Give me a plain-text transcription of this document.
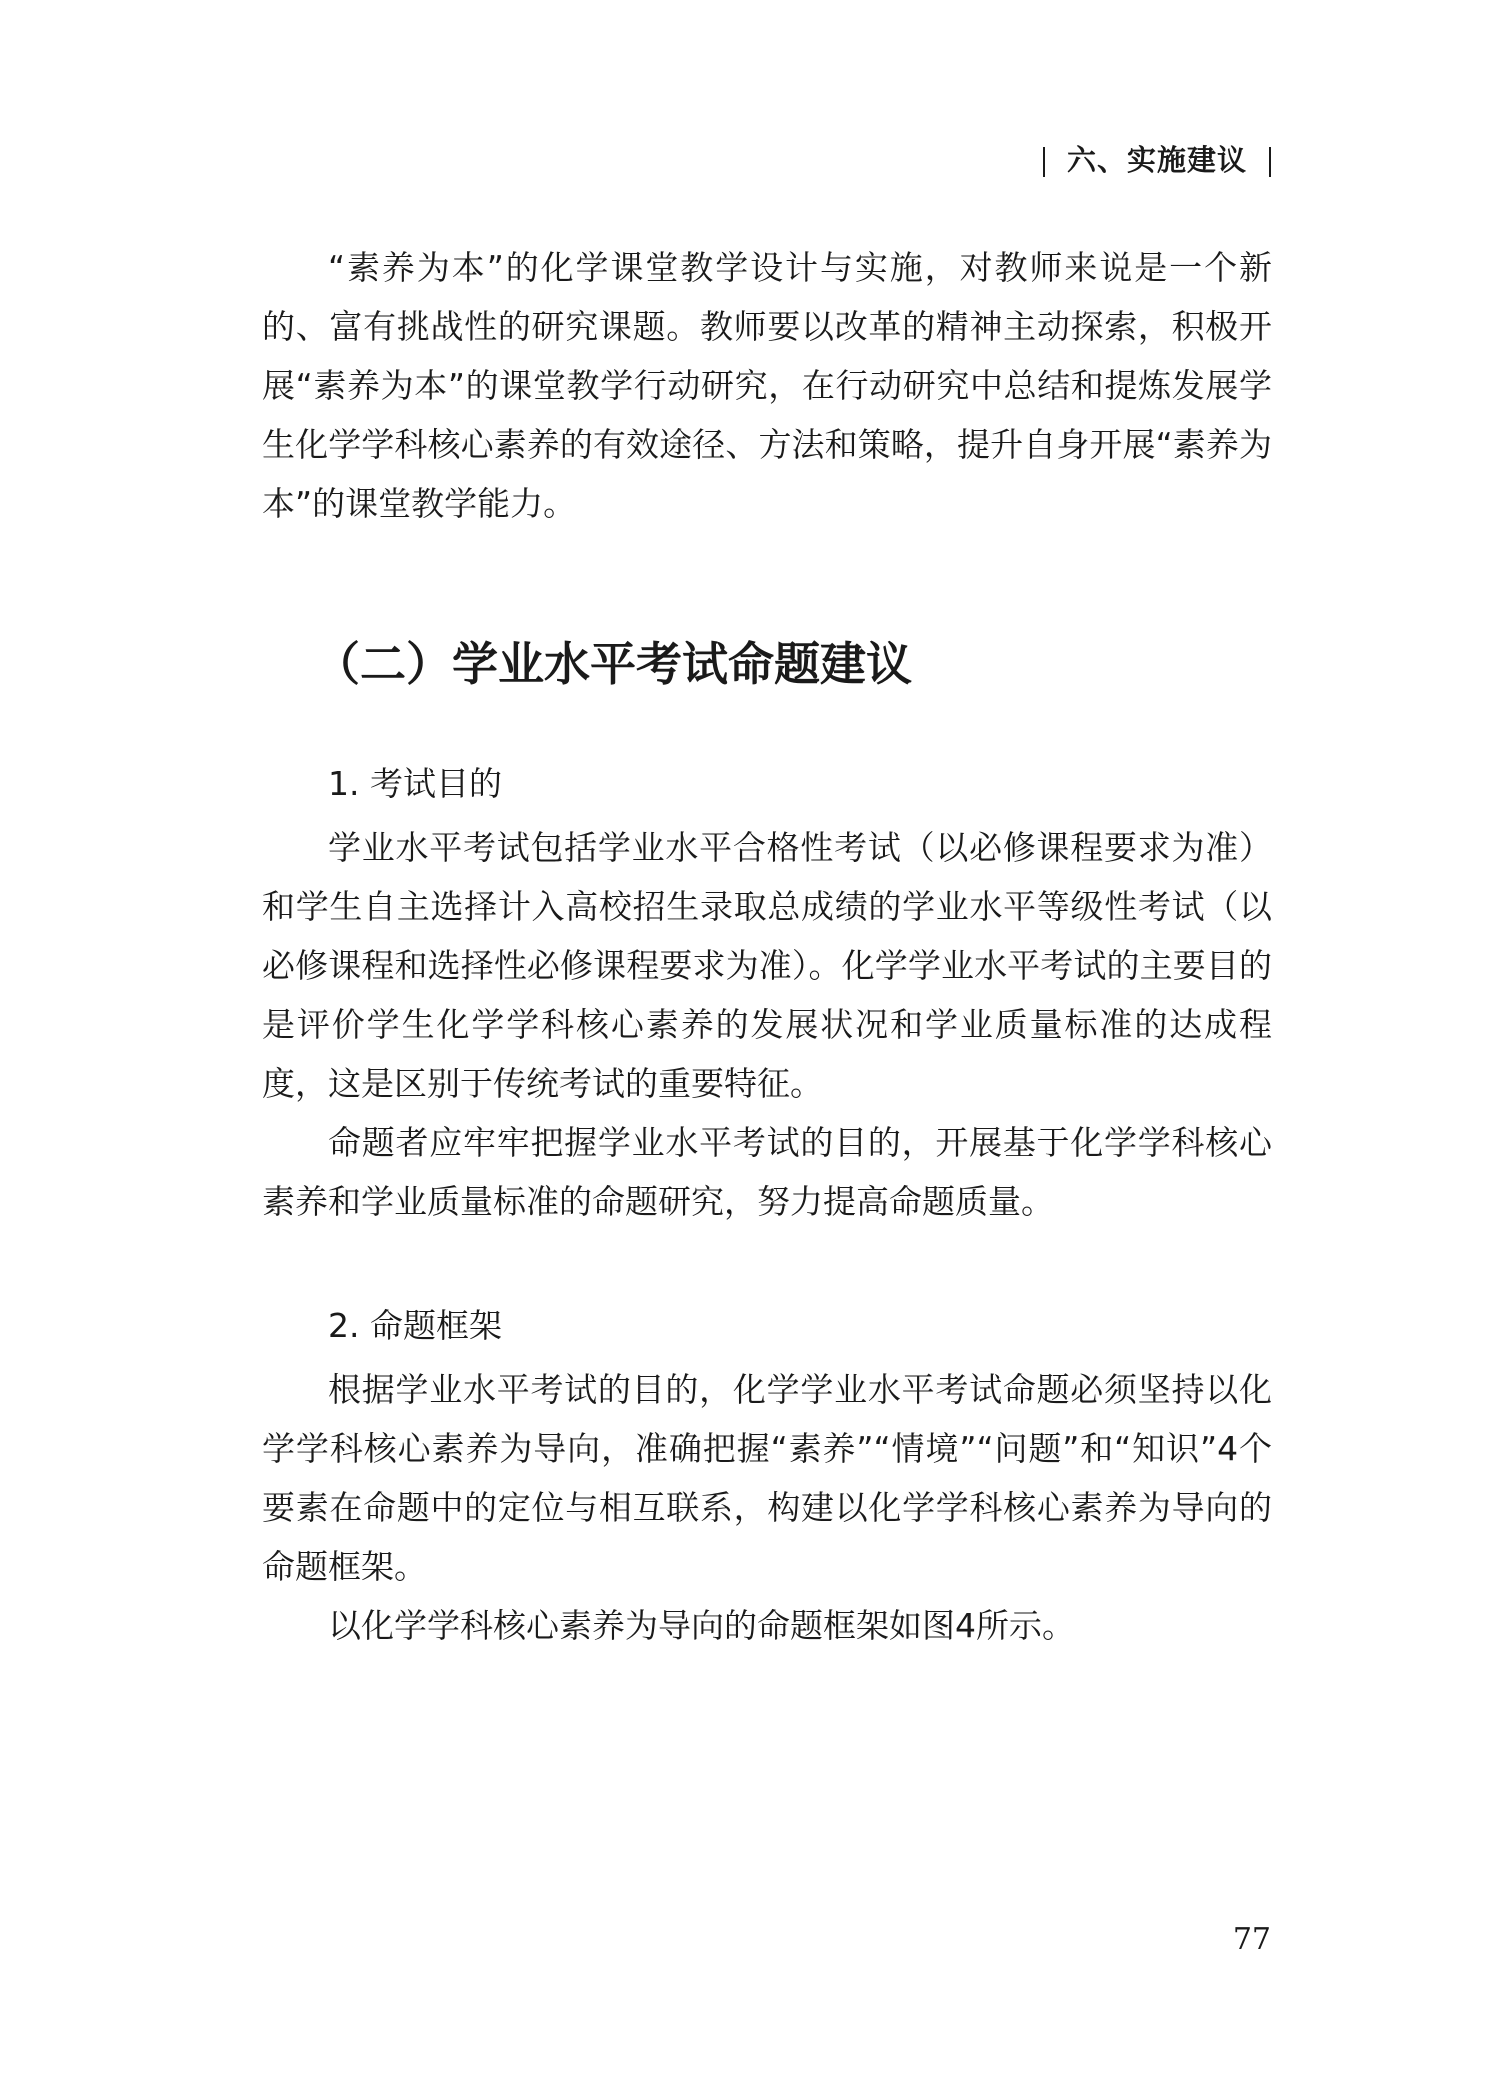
六、实施建议

“素养为本”的化学课堂教学设计与实施，对教师来说是一个新的、富有挑战性的研究课题。教师要以改革的精神主动探索，积极开展“素养为本”的课堂教学行动研究，在行动研究中总结和提炼发展学生化学学科核心素养的有效途径、方法和策略，提升自身开展“素养为本”的课堂教学能力。

（二）学业水平考试命题建议
1. 考试目的

学业水平考试包括学业水平合格性考试（以必修课程要求为准）和学生自主选择计入高校招生录取总成绩的学业水平等级性考试（以必修课程和选择性必修课程要求为准）。化学学业水平考试的主要目的是评价学生化学学科核心素养的发展状况和学业质量标准的达成程度，这是区别于传统考试的重要特征。

命题者应牢牢把握学业水平考试的目的，开展基于化学学科核心素养和学业质量标准的命题研究，努力提高命题质量。

2. 命题框架

根据学业水平考试的目的，化学学业水平考试命题必须坚持以化学学科核心素养为导向，准确把握“素养”“情境”“问题”和“知识”4个要素在命题中的定位与相互联系，构建以化学学科核心素养为导向的命题框架。

以化学学科核心素养为导向的命题框架如图4所示。

77
